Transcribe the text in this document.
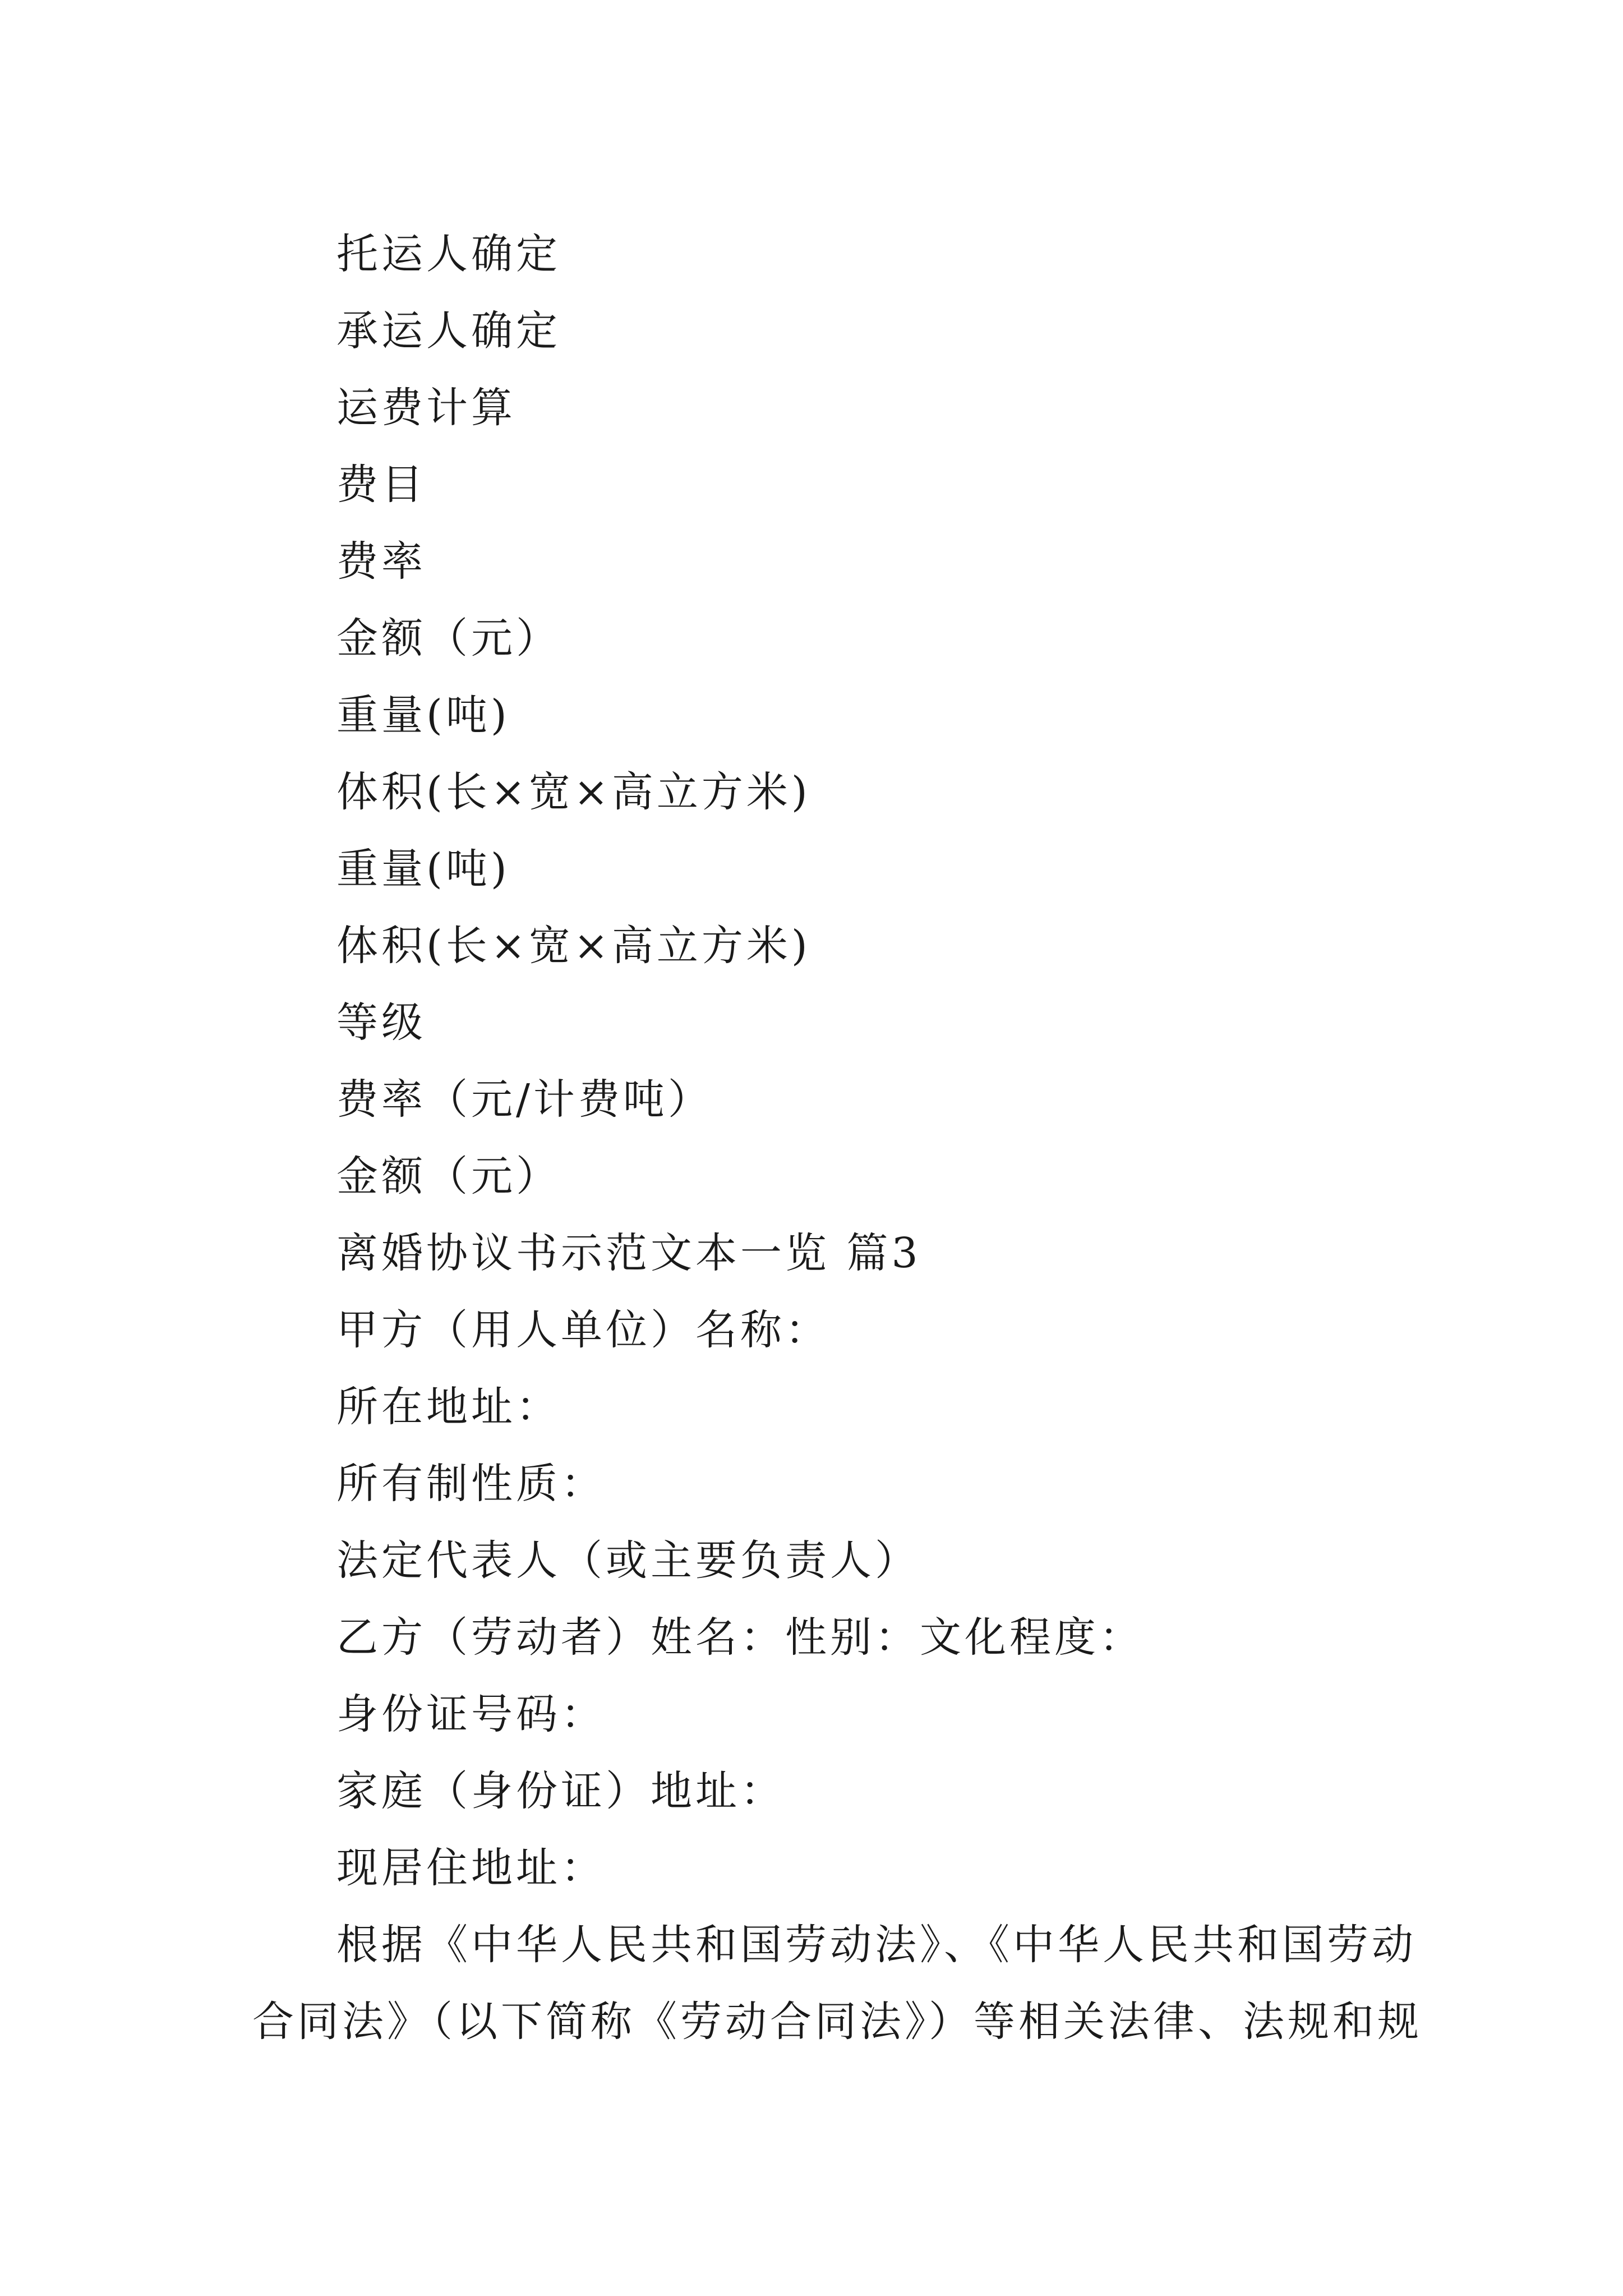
托运人确定
承运人确定
运费计算
费目
费率
金额（元）
重量(吨)
体积(长×宽×高立方米)
重量(吨)
体积(长×宽×高立方米)
等级
费率（元/计费吨）
金额（元）
离婚协议书示范文本一览 篇3
甲方（用人单位）名称：
所在地址：
所有制性质：
法定代表人（或主要负责人）
乙方（劳动者）姓名：性别：文化程度：
身份证号码：
家庭（身份证）地址：
现居住地址：
根据《中华人民共和国劳动法》、《中华人民共和国劳动
合同法》（以下简称《劳动合同法》）等相关法律、法规和规
